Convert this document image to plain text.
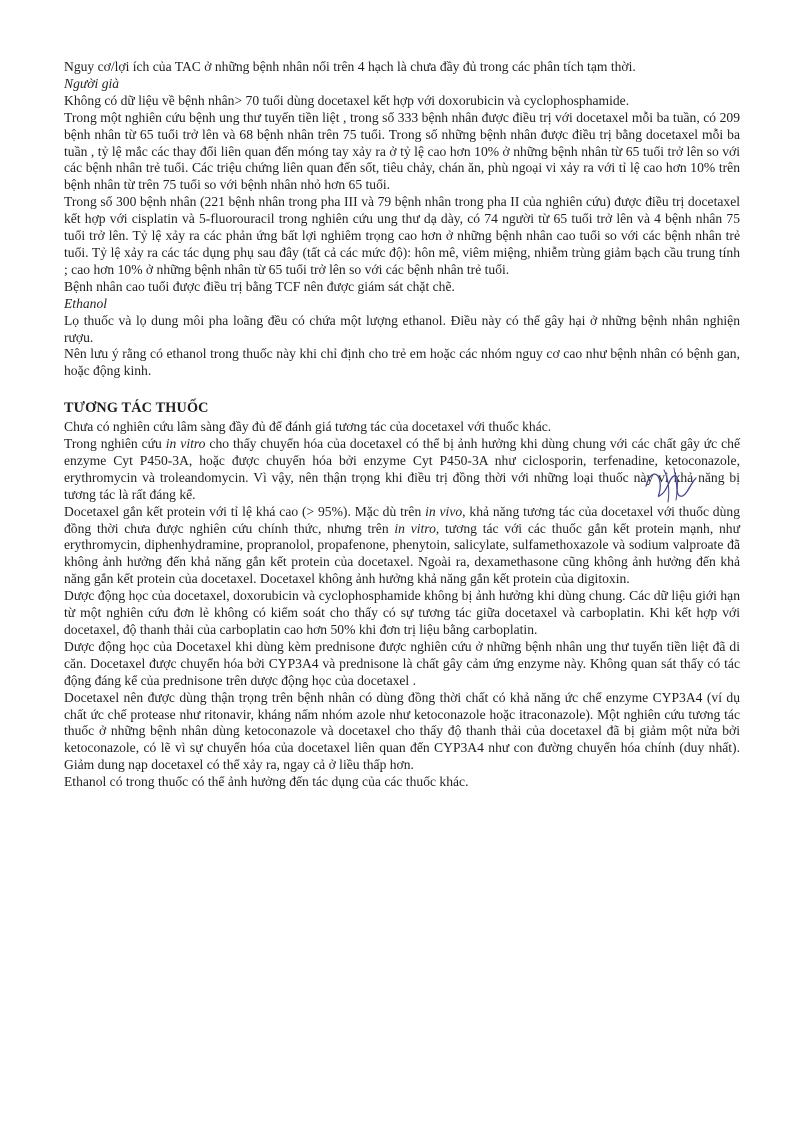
Nguy cơ/lợi ích của TAC ở những bệnh nhân nối trên 4 hạch là chưa đầy đủ trong các phân tích tạm thời.

Người già

Không có dữ liệu về bệnh nhân> 70 tuổi dùng docetaxel kết hợp với doxorubicin và cyclophosphamide.

Trong một nghiên cứu bệnh ung thư tuyến tiền liệt , trong số 333 bệnh nhân được điều trị với docetaxel mỗi ba tuần, có 209 bệnh nhân từ 65 tuổi trở lên và 68 bệnh nhân trên 75 tuổi. Trong số những bệnh nhân được điều trị bằng docetaxel mỗi ba tuần , tỷ lệ mắc các thay đổi liên quan đến móng tay xảy ra ở tỷ lệ cao hơn 10% ở những bệnh nhân từ 65 tuổi trở lên so với các bệnh nhân trẻ tuổi. Các triệu chứng liên quan đến sốt, tiêu chảy, chán ăn, phù ngoại vi xảy ra với tỉ lệ cao hơn 10% trên bệnh nhân từ trên 75 tuổi so với bệnh nhân nhỏ hơn 65 tuổi.

Trong số 300 bệnh nhân (221 bệnh nhân trong pha III và 79 bệnh nhân trong pha II của nghiên cứu) được điều trị docetaxel kết hợp với cisplatin và 5-fluorouracil trong nghiên cứu ung thư dạ dày, có 74 người từ 65 tuổi trở lên và 4 bệnh nhân 75 tuổi trở lên. Tỷ lệ xảy ra các phản ứng bất lợi nghiêm trọng cao hơn ở những bệnh nhân cao tuổi so với các bệnh nhân trẻ tuổi. Tỷ lệ xảy ra các tác dụng phụ sau đây (tất cả các mức độ): hôn mê, viêm miệng, nhiễm trùng giảm bạch cầu trung tính ; cao hơn 10% ở những bệnh nhân từ 65 tuổi trở lên so với các bệnh nhân trẻ tuổi.

Bệnh nhân cao tuổi được điều trị bằng TCF nên được giám sát chặt chẽ.

Ethanol

Lọ thuốc và lọ dung môi pha loãng đều có chứa một lượng ethanol. Điều này có thể gây hại ở những bệnh nhân nghiện rượu.

Nên lưu ý rằng có ethanol trong thuốc này khi chỉ định cho trẻ em hoặc các nhóm nguy cơ cao như bệnh nhân có bệnh gan, hoặc động kinh.

TƯƠNG TÁC THUỐC

Chưa có nghiên cứu lâm sàng đầy đủ để đánh giá tương tác của docetaxel với thuốc khác.

Trong nghiên cứu in vitro cho thấy chuyển hóa của docetaxel có thể bị ảnh hưởng khi dùng chung với các chất gây ức chế enzyme Cyt P450-3A, hoặc được chuyển hóa bởi enzyme Cyt P450-3A như ciclosporin, terfenadine, ketoconazole, erythromycin và troleandomycin. Vì vậy, nên thận trọng khi điều trị đồng thời với những loại thuốc này vì khả năng bị tương tác là rất đáng kể.

Docetaxel gắn kết protein với tỉ lệ khá cao (> 95%). Mặc dù trên in vivo, khả năng tương tác của docetaxel với thuốc dùng đồng thời chưa được nghiên cứu chính thức, nhưng trên in vitro, tương tác với các thuốc gắn kết protein mạnh, như erythromycin, diphenhydramine, propranolol, propafenone, phenytoin, salicylate, sulfamethoxazole và sodium valproate đã không ảnh hưởng đến khả năng gắn kết protein của docetaxel. Ngoài ra, dexamethasone cũng không ảnh hưởng đến khả năng gắn kết protein của docetaxel. Docetaxel không ảnh hưởng khả năng gắn kết protein của digitoxin.

Dược động học của docetaxel, doxorubicin và cyclophosphamide không bị ảnh hưởng khi dùng chung. Các dữ liệu giới hạn từ một nghiên cứu đơn lẻ không có kiểm soát cho thấy có sự tương tác giữa docetaxel và carboplatin. Khi kết hợp với docetaxel, độ thanh thải của carboplatin cao hơn 50% khi đơn trị liệu bằng carboplatin.

Dược động học của Docetaxel khi dùng kèm prednisone được nghiên cứu ở những bệnh nhân ung thư tuyến tiền liệt đã di căn. Docetaxel được chuyển hóa bởi CYP3A4 và prednisone là chất gây cảm ứng enzyme này. Không quan sát thấy có tác động đáng kể của prednisone trên dược động học của docetaxel .

Docetaxel nên được dùng thận trọng trên bệnh nhân có dùng đồng thời chất có khả năng ức chế enzyme CYP3A4 (ví dụ chất ức chế protease như ritonavir, kháng nấm nhóm azole như ketoconazole hoặc itraconazole). Một nghiên cứu tương tác thuốc ở những bệnh nhân dùng ketoconazole và docetaxel cho thấy độ thanh thải của docetaxel đã bị giảm một nửa bởi ketoconazole, có lẽ vì sự chuyển hóa của docetaxel liên quan đến CYP3A4 như con đường chuyển hóa chính (duy nhất). Giảm dung nạp docetaxel có thể xảy ra, ngay cả ở liều thấp hơn.

Ethanol có trong thuốc có thể ảnh hưởng đến tác dụng của các thuốc khác.
